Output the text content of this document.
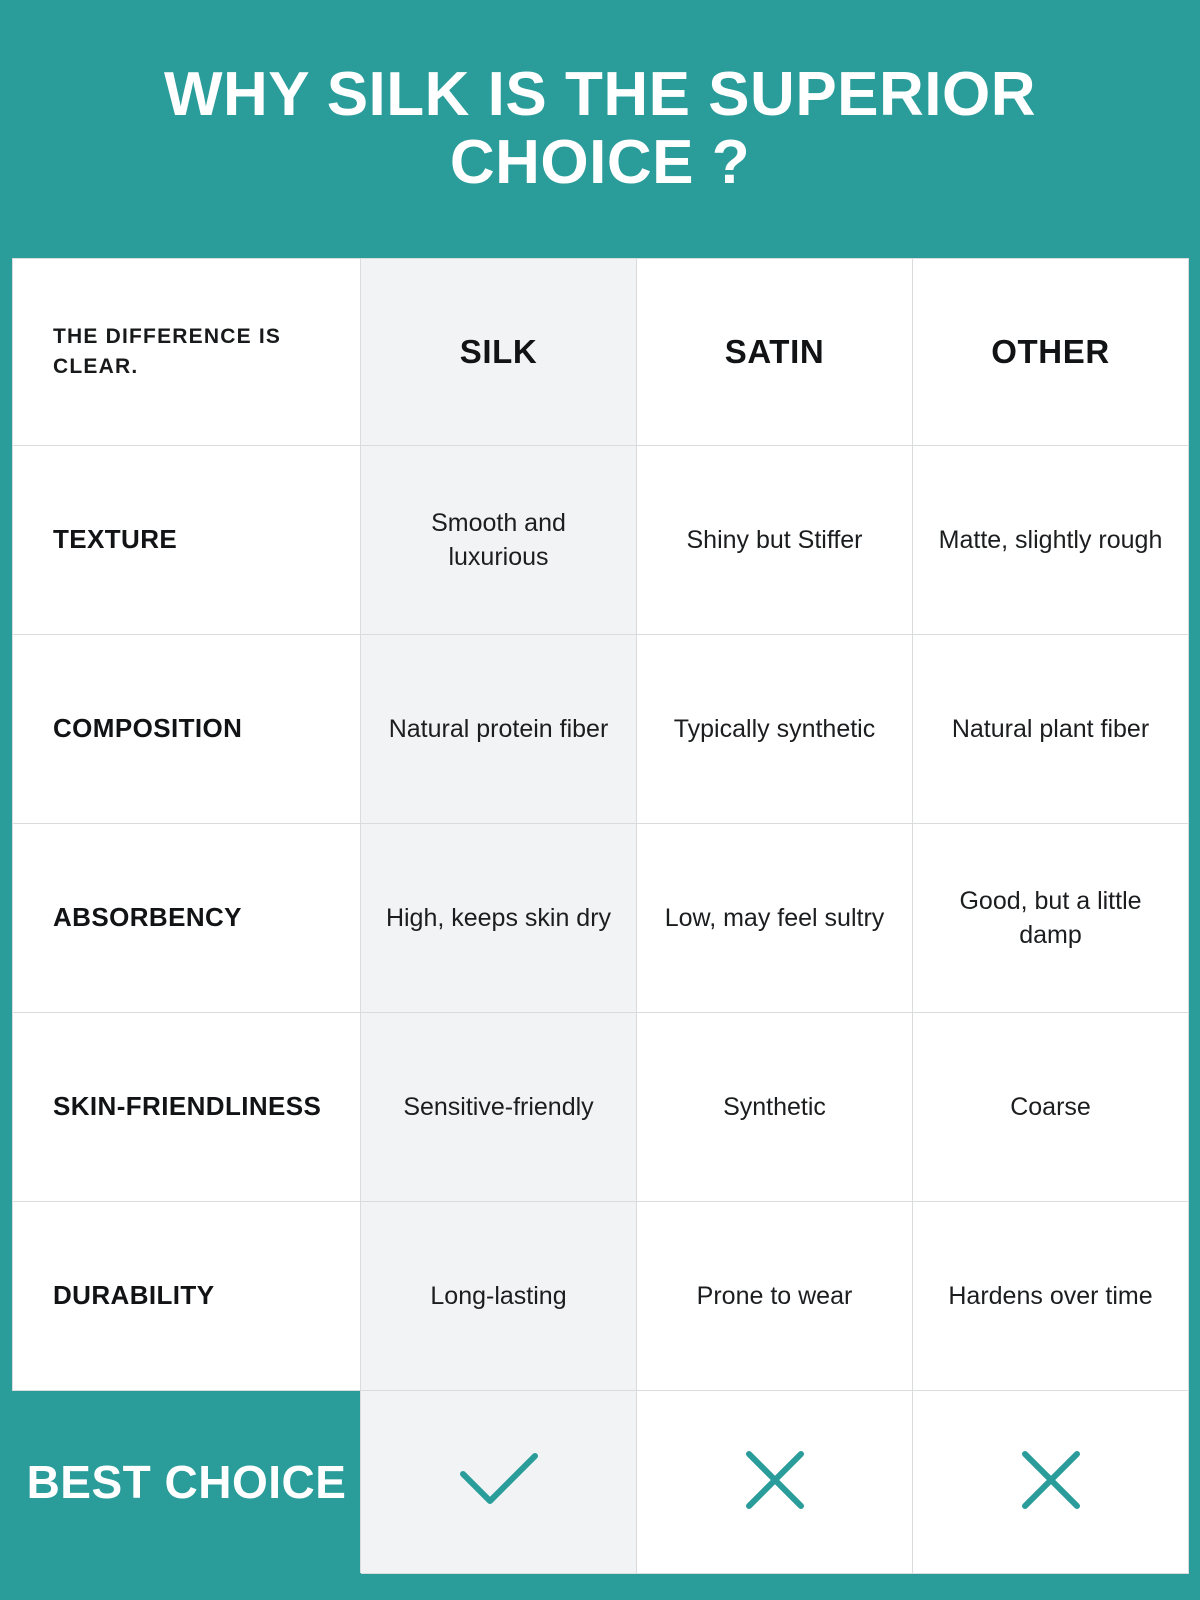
WHY SILK IS THE SUPERIOR CHOICE ?
THE DIFFERENCE IS CLEAR.	SILK	SATIN	OTHER

TEXTURE	Smooth and luxurious	Shiny but Stiffer	Matte, slightly rough

COMPOSITION	Natural protein fiber	Typically synthetic	Natural plant fiber

ABSORBENCY	High, keeps skin dry	Low, may feel sultry	Good, but a little damp

SKIN-FRIENDLINESS	Sensitive-friendly	Synthetic	Coarse

DURABILITY	Long-lasting	Prone to wear	Hardens over time

BEST CHOICE
